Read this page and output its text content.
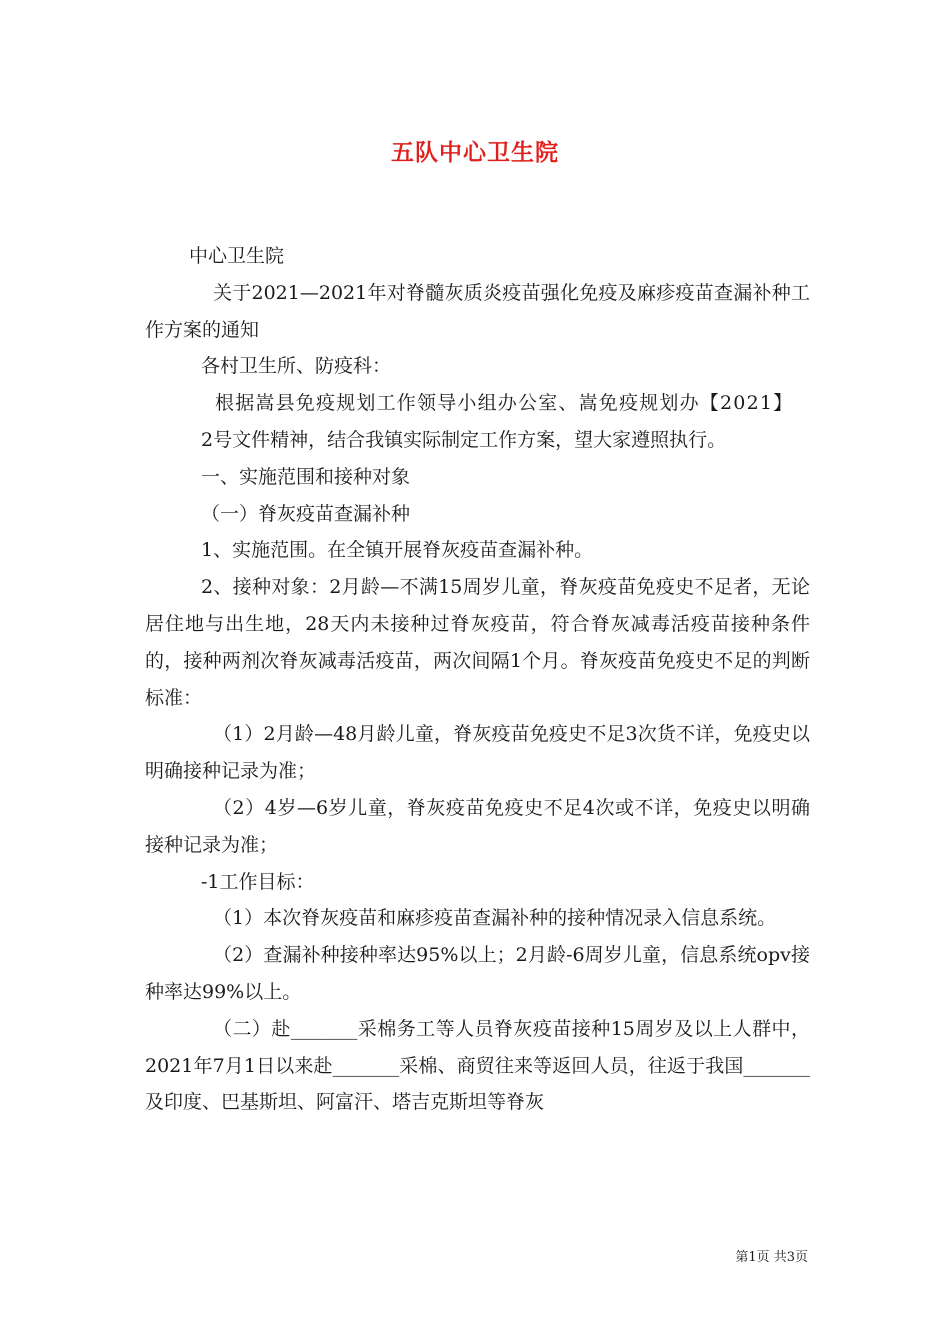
五队中心卫生院

中心卫生院

关于2021—2021年对脊髓灰质炎疫苗强化免疫及麻疹疫苗查漏补种工作方案的通知

各村卫生所、防疫科：

根据嵩县免疫规划工作领导小组办公室、嵩免疫规划办【2021】

2号文件精神，结合我镇实际制定工作方案，望大家遵照执行。

一、实施范围和接种对象

（一）脊灰疫苗查漏补种

1、实施范围。在全镇开展脊灰疫苗查漏补种。

2、接种对象：2月龄—不满15周岁儿童，脊灰疫苗免疫史不足者，无论居住地与出生地，28天内未接种过脊灰疫苗，符合脊灰减毒活疫苗接种条件的，接种两剂次脊灰减毒活疫苗，两次间隔1个月。脊灰疫苗免疫史不足的判断标准：

（1）2月龄—48月龄儿童，脊灰疫苗免疫史不足3次货不详，免疫史以明确接种记录为准；

（2）4岁—6岁儿童，脊灰疫苗免疫史不足4次或不详，免疫史以明确接种记录为准；

-1工作目标：

（1）本次脊灰疫苗和麻疹疫苗查漏补种的接种情况录入信息系统。

（2）查漏补种接种率达95%以上；2月龄-6周岁儿童，信息系统opv接种率达99%以上。

（二）赴_______采棉务工等人员脊灰疫苗接种15周岁及以上人群中，2021年7月1日以来赴_______采棉、商贸往来等返回人员，往返于我国_______及印度、巴基斯坦、阿富汗、塔吉克斯坦等脊灰

第1页 共3页
